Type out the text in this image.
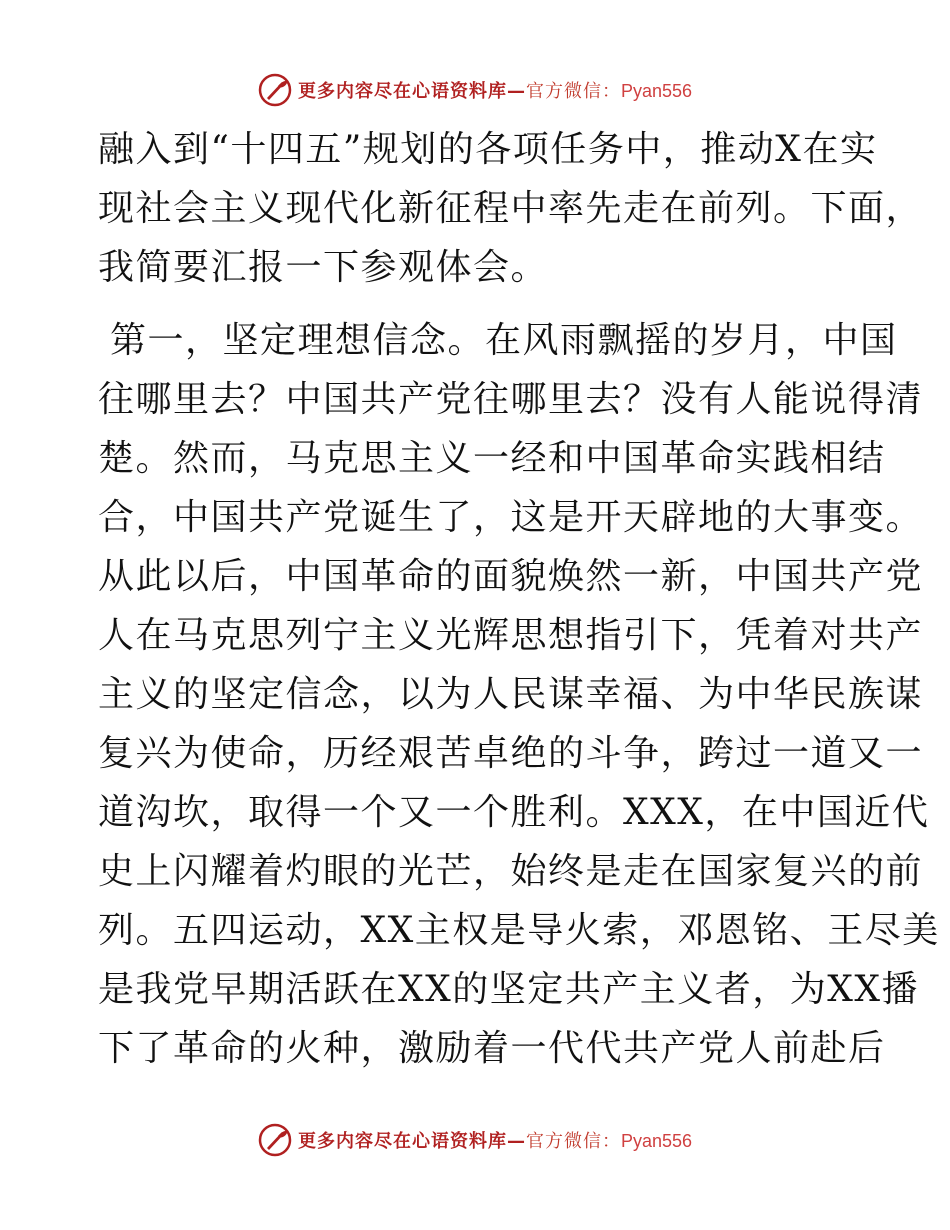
更多内容尽在心语资料库—官方微信：Pyan556

融入到“十四五”规划的各项任务中，推动X在实

现社会主义现代化新征程中率先走在前列。下面，

我简要汇报一下参观体会。

第一，坚定理想信念。在风雨飘摇的岁月，中国

往哪里去？中国共产党往哪里去？没有人能说得清

楚。然而，马克思主义一经和中国革命实践相结

合，中国共产党诞生了，这是开天辟地的大事变。

从此以后，中国革命的面貌焕然一新，中国共产党

人在马克思列宁主义光辉思想指引下，凭着对共产

主义的坚定信念，以为人民谋幸福、为中华民族谋

复兴为使命，历经艰苦卓绝的斗争，跨过一道又一

道沟坎，取得一个又一个胜利。XXX，在中国近代

史上闪耀着灼眼的光芒，始终是走在国家复兴的前

列。五四运动，XX主权是导火索，邓恩铭、王尽美

是我党早期活跃在XX的坚定共产主义者，为XX播

下了革命的火种，激励着一代代共产党人前赴后

更多内容尽在心语资料库—官方微信：Pyan556
